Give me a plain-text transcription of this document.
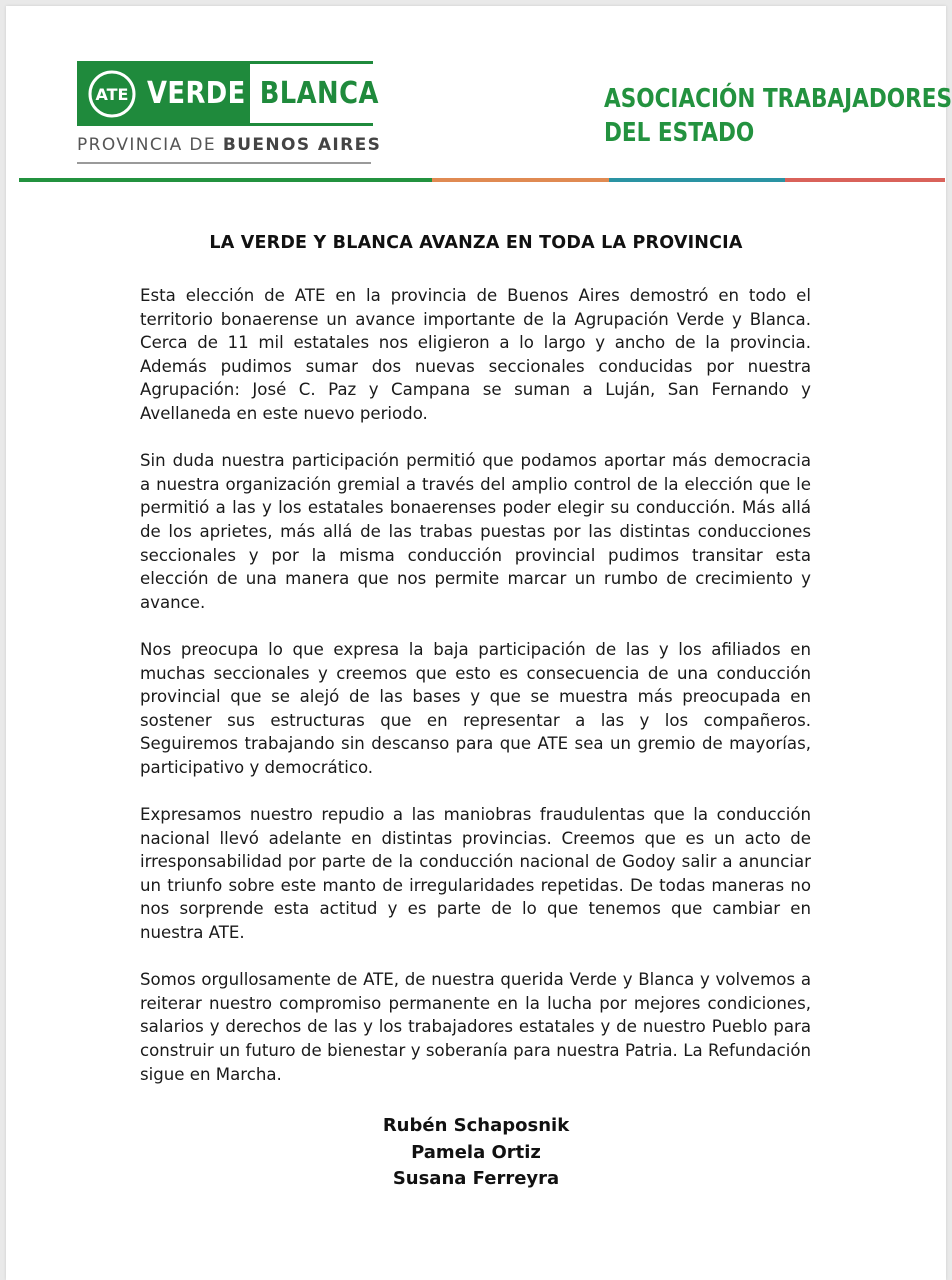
ATE VERDE BLANCA
PROVINCIA DE BUENOS AIRES
ASOCIACIÓN TRABAJADORES
DEL ESTADO
LA VERDE Y BLANCA AVANZA EN TODA LA PROVINCIA

Esta elección de ATE en la provincia de Buenos Aires demostró en todo el territorio bonaerense un avance importante de la Agrupación Verde y Blanca. Cerca de 11 mil estatales nos eligieron a lo largo y ancho de la provincia. Además pudimos sumar dos nuevas seccionales conducidas por nuestra Agrupación: José C. Paz y Campana se suman a Luján, San Fernando y Avellaneda en este nuevo periodo.

Sin duda nuestra participación permitió que podamos aportar más democracia a nuestra organización gremial a través del amplio control de la elección que le permitió a las y los estatales bonaerenses poder elegir su conducción. Más allá de los aprietes, más allá de las trabas puestas por las distintas conducciones seccionales y por la misma conducción provincial pudimos transitar esta elección de una manera que nos permite marcar un rumbo de crecimiento y avance.

Nos preocupa lo que expresa la baja participación de las y los afiliados en muchas seccionales y creemos que esto es consecuencia de una conducción provincial que se alejó de las bases y que se muestra más preocupada en sostener sus estructuras que en representar a las y los compañeros. Seguiremos trabajando sin descanso para que ATE sea un gremio de mayorías, participativo y democrático.

Expresamos nuestro repudio a las maniobras fraudulentas que la conducción nacional llevó adelante en distintas provincias. Creemos que es un acto de irresponsabilidad por parte de la conducción nacional de Godoy salir a anunciar un triunfo sobre este manto de irregularidades repetidas. De todas maneras no nos sorprende esta actitud y es parte de lo que tenemos que cambiar en nuestra ATE.

Somos orgullosamente de ATE, de nuestra querida Verde y Blanca y volvemos a reiterar nuestro compromiso permanente en la lucha por mejores condiciones, salarios y derechos de las y los trabajadores estatales y de nuestro Pueblo para construir un futuro de bienestar y soberanía para nuestra Patria. La Refundación sigue en Marcha.

Rubén Schaposnik
Pamela Ortiz
Susana Ferreyra
